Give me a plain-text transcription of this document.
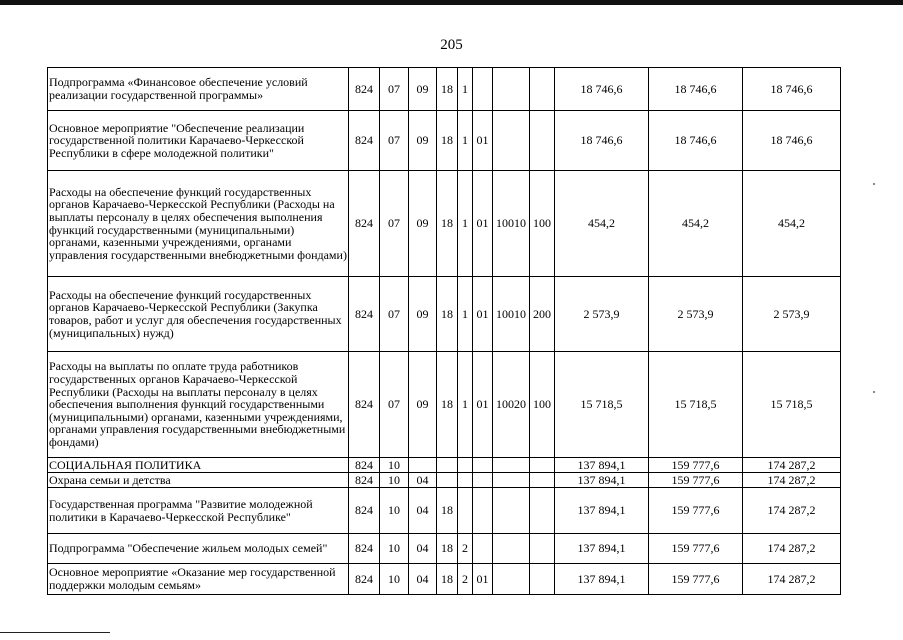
205
Подпрограмма «Финансовое обеспечение условий реализации государственной программы»	824	07	09	18	1				18 746,6	18 746,6	18 746,6
Основное мероприятие "Обеспечение реализации государственной политики Карачаево-Черкесской Республики в сфере молодежной политики"	824	07	09	18	1	01			18 746,6	18 746,6	18 746,6
Расходы на обеспечение функций государственных органов Карачаево-Черкесской Республики (Расходы на выплаты персоналу в целях обеспечения выполнения функций государственными (муниципальными) органами, казенными учреждениями, органами управления государственными внебюджетными фондами)	824	07	09	18	1	01	10010	100	454,2	454,2	454,2
Расходы на обеспечение функций государственных органов Карачаево-Черкесской Республики (Закупка товаров, работ и услуг для обеспечения государственных (муниципальных) нужд)	824	07	09	18	1	01	10010	200	2 573,9	2 573,9	2 573,9
Расходы на выплаты по оплате труда работников государственных органов Карачаево-Черкесской Республики (Расходы на выплаты персоналу в целях обеспечения выполнения функций государственными (муниципальными) органами, казенными учреждениями, органами управления государственными внебюджетными фондами)	824	07	09	18	1	01	10020	100	15 718,5	15 718,5	15 718,5
СОЦИАЛЬНАЯ ПОЛИТИКА	824	10							137 894,1	159 777,6	174 287,2
Охрана семьи и детства	824	10	04						137 894,1	159 777,6	174 287,2
Государственная программа "Развитие молодежной политики в Карачаево-Черкесской Республике"	824	10	04	18					137 894,1	159 777,6	174 287,2
Подпрограмма "Обеспечение жильем молодых семей"	824	10	04	18	2				137 894,1	159 777,6	174 287,2
Основное мероприятие «Оказание мер государственной поддержки молодым семьям»	824	10	04	18	2	01			137 894,1	159 777,6	174 287,2
